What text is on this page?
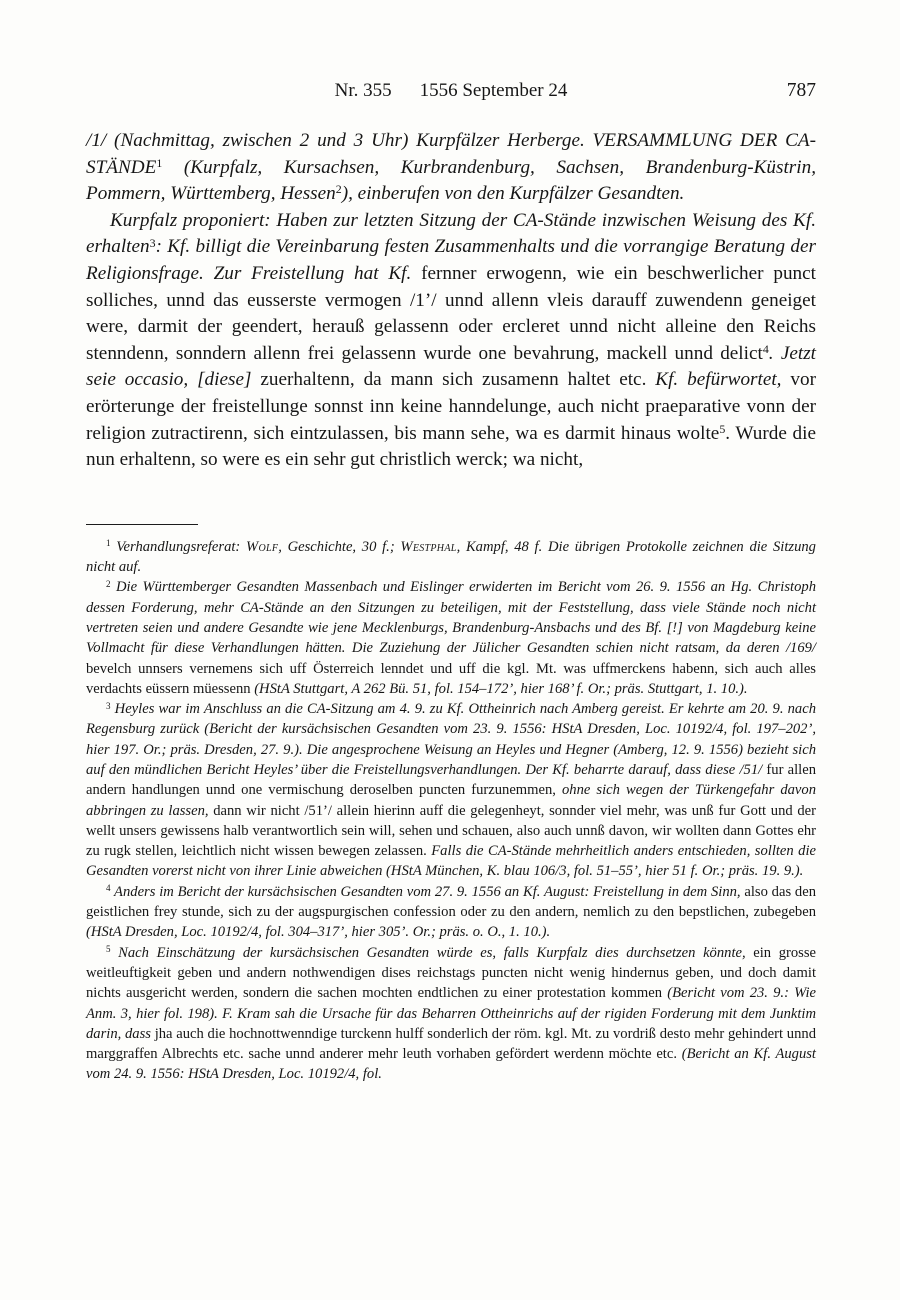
Nr. 355 1556 September 24	787

/1/ (Nachmittag, zwischen 2 und 3 Uhr) Kurpfälzer Herberge. VERSAMMLUNG DER CA-STÄNDE$^1$ (Kurpfalz, Kursachsen, Kurbrandenburg, Sachsen, Brandenburg-Küstrin, Pommern, Württemberg, Hessen$^2$), einberufen von den Kurpfälzer Gesandten.

Kurpfalz proponiert: Haben zur letzten Sitzung der CA-Stände inzwischen Weisung des Kf. erhalten$^3$: Kf. billigt die Vereinbarung festen Zusammenhalts und die vorrangige Beratung der Religionsfrage. Zur Freistellung hat Kf. fernner erwogenn, wie ein beschwerlicher punct solliches, unnd das eusserste vermogen /1’/ unnd allenn vleis darauff zuwendenn geneiget were, darmit der geendert, herauß gelassenn oder ercleret unnd nicht alleine den Reichs stenndenn, sonndern allenn frei gelassenn wurde one bevahrung, mackell unnd delict$^4$. Jetzt seie occasio, [diese] zuerhaltenn, da mann sich zusamenn haltet etc. Kf. befürwortet, vor erörterunge der freistellunge sonnst inn keine hanndelunge, auch nicht praeparative vonn der religion zutractirenn, sich eintzulassen, bis mann sehe, wa es darmit hinaus wolte$^5$. Wurde die nun erhaltenn, so were es ein sehr gut christlich werck; wa nicht,

$^1$ Verhandlungsreferat: Wolf, Geschichte, 30 f.; Westphal, Kampf, 48 f. Die übrigen Protokolle zeichnen die Sitzung nicht auf.

$^2$ Die Württemberger Gesandten Massenbach und Eislinger erwiderten im Bericht vom 26. 9. 1556 an Hg. Christoph dessen Forderung, mehr CA-Stände an den Sitzungen zu beteiligen, mit der Feststellung, dass viele Stände noch nicht vertreten seien und andere Gesandte wie jene Mecklenburgs, Brandenburg-Ansbachs und des Bf. [!] von Magdeburg keine Vollmacht für diese Verhandlungen hätten. Die Zuziehung der Jülicher Gesandten schien nicht ratsam, da deren /169/ bevelch unnsers vernemens sich uff Österreich lenndet und uff die kgl. Mt. was uffmerckens habenn, sich auch alles verdachts eüssern müessenn (HStA Stuttgart, A 262 Bü. 51, fol. 154–172’, hier 168’ f. Or.; präs. Stuttgart, 1. 10.).

$^3$ Heyles war im Anschluss an die CA-Sitzung am 4. 9. zu Kf. Ottheinrich nach Amberg gereist. Er kehrte am 20. 9. nach Regensburg zurück (Bericht der kursächsischen Gesandten vom 23. 9. 1556: HStA Dresden, Loc. 10192/4, fol. 197–202’, hier 197. Or.; präs. Dresden, 27. 9.). Die angesprochene Weisung an Heyles und Hegner (Amberg, 12. 9. 1556) bezieht sich auf den mündlichen Bericht Heyles’ über die Freistellungsverhandlungen. Der Kf. beharrte darauf, dass diese /51/ fur allen andern handlungen unnd one vermischung deroselben puncten furzunemmen, ohne sich wegen der Türkengefahr davon abbringen zu lassen, dann wir nicht /51’/ allein hierinn auff die gelegenheyt, sonnder viel mehr, was unß fur Gott und der wellt unsers gewissens halb verantwortlich sein will, sehen und schauen, also auch unnß davon, wir wollten dann Gottes ehr zu rugk stellen, leichtlich nicht wissen bewegen zelassen. Falls die CA-Stände mehrheitlich anders entschieden, sollten die Gesandten vorerst nicht von ihrer Linie abweichen (HStA München, K. blau 106/3, fol. 51–55’, hier 51 f. Or.; präs. 19. 9.).

$^4$ Anders im Bericht der kursächsischen Gesandten vom 27. 9. 1556 an Kf. August: Freistellung in dem Sinn, also das den geistlichen frey stunde, sich zu der augspurgischen confession oder zu den andern, nemlich zu den bepstlichen, zubegeben (HStA Dresden, Loc. 10192/4, fol. 304–317’, hier 305’. Or.; präs. o. O., 1. 10.).

$^5$ Nach Einschätzung der kursächsischen Gesandten würde es, falls Kurpfalz dies durchsetzen könnte, ein grosse weitleuftigkeit geben und andern nothwendigen dises reichstags puncten nicht wenig hindernus geben, und doch damit nichts ausgericht werden, sondern die sachen mochten endtlichen zu einer protestation kommen (Bericht vom 23. 9.: Wie Anm. 3, hier fol. 198). F. Kram sah die Ursache für das Beharren Ottheinrichs auf der rigiden Forderung mit dem Junktim darin, dass jha auch die hochnottwenndige turckenn hulff sonderlich der röm. kgl. Mt. zu vordriß desto mehr gehindert unnd marggraffen Albrechts etc. sache unnd anderer mehr leuth vorhaben gefördert werdenn möchte etc. (Bericht an Kf. August vom 24. 9. 1556: HStA Dresden, Loc. 10192/4, fol.
